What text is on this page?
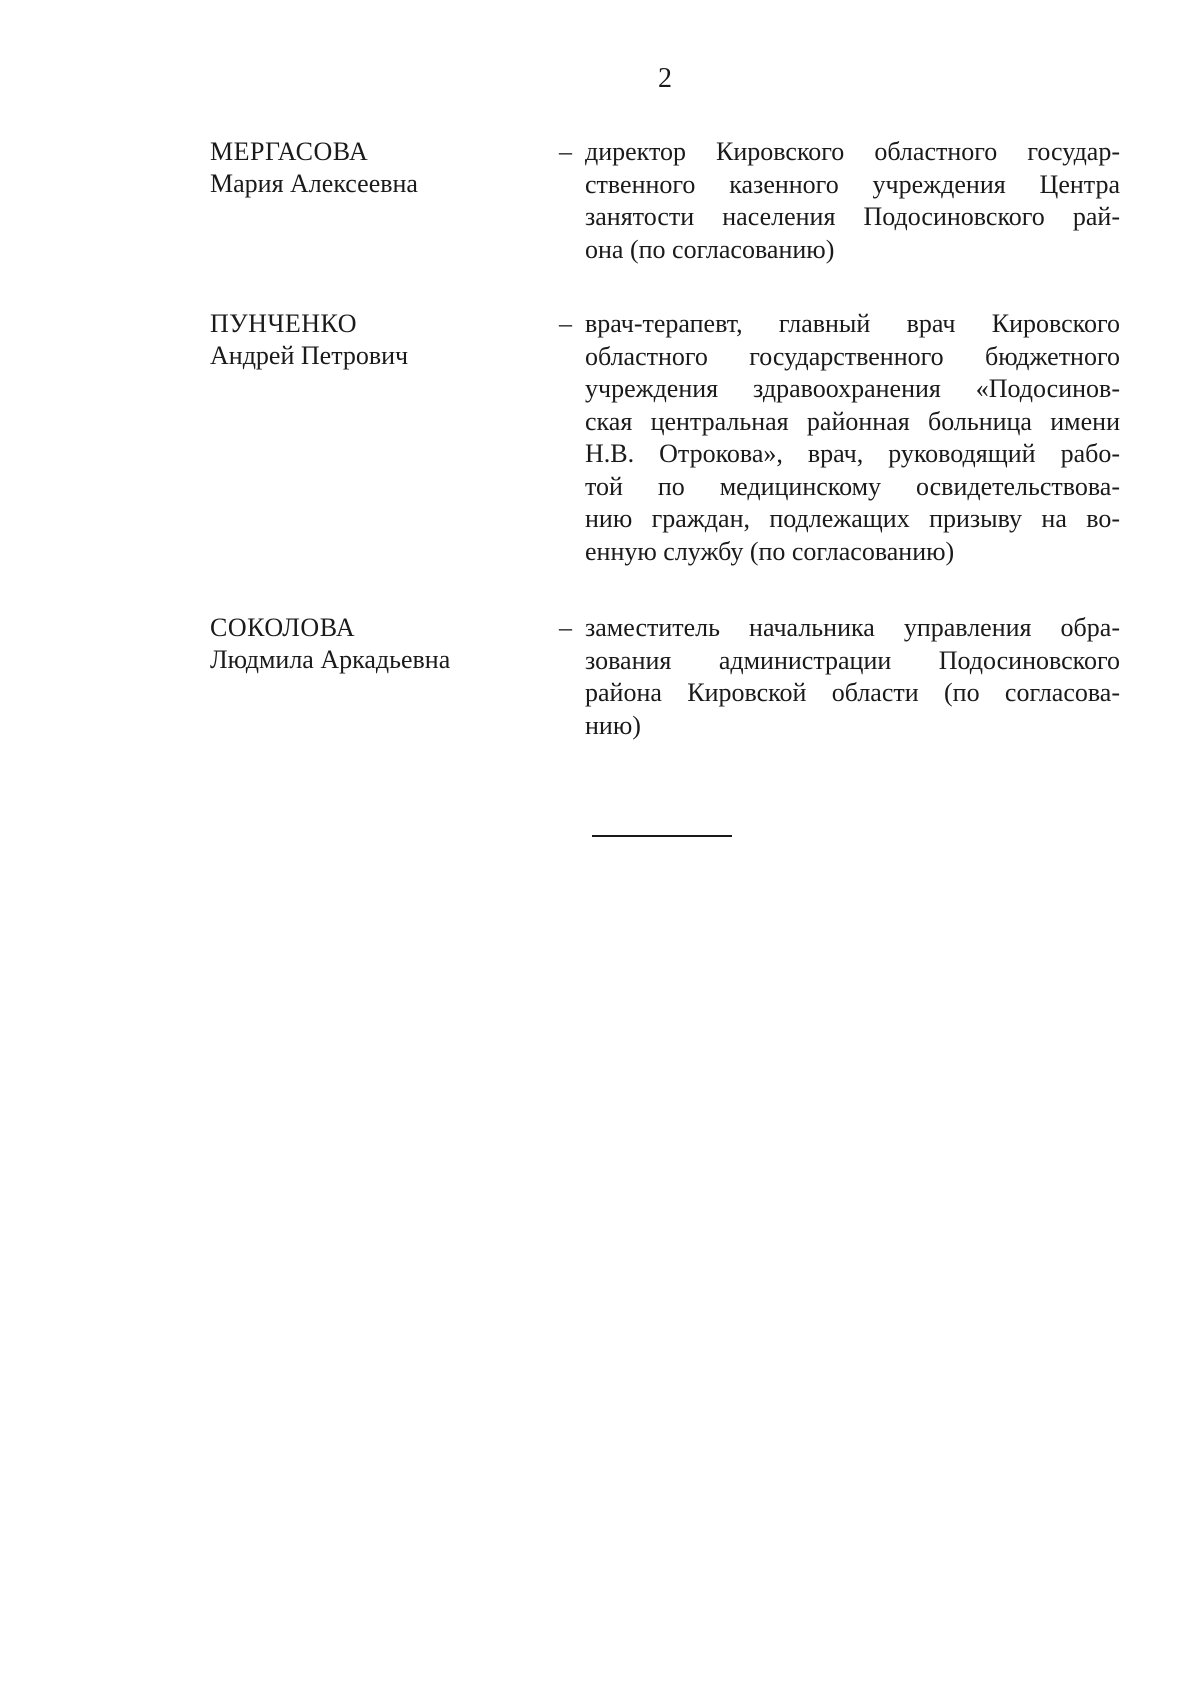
2
МЕРГАСОВА
Мария Алексеевна
– директор Кировского областного государ-
ственного казенного учреждения Центра
занятости населения Подосиновского рай-
она (по согласованию)
ПУНЧЕНКО
Андрей Петрович
– врач-терапевт, главный врач Кировского
областного государственного бюджетного
учреждения здравоохранения «Подосинов-
ская центральная районная больница имени
Н.В. Отрокова», врач, руководящий рабо-
той по медицинскому освидетельствова-
нию граждан, подлежащих призыву на во-
енную службу (по согласованию)
СОКОЛОВА
Людмила Аркадьевна
– заместитель начальника управления обра-
зования администрации Подосиновского
района Кировской области (по согласова-
нию)
